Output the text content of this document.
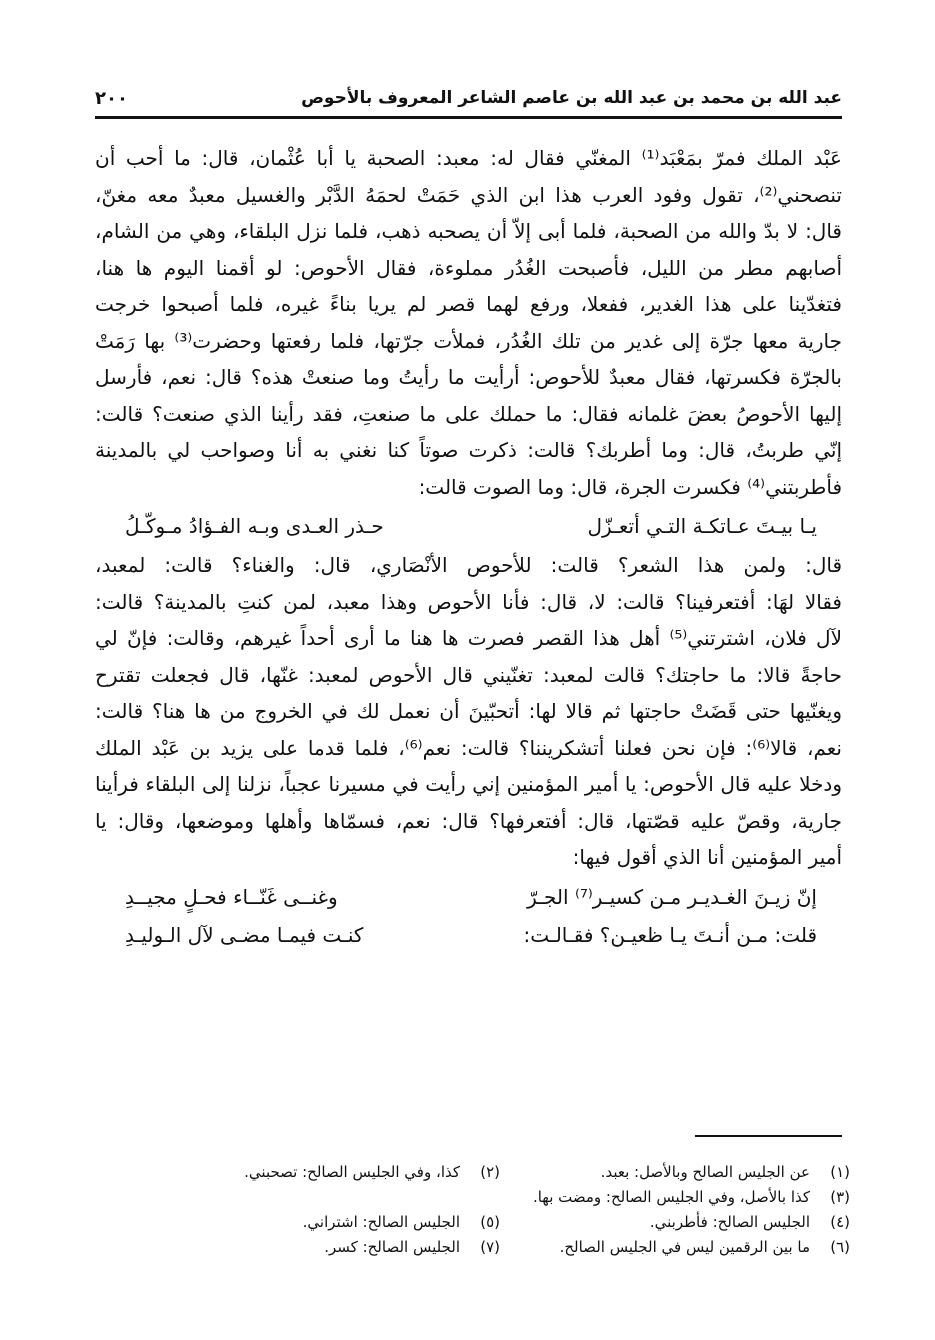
عبد الله بن محمد بن عبد الله بن عاصم الشاعر المعروف بالأحوص
٢٠٠
عَبْد الملك فمرّ بمَعْبَد⁽¹⁾ المغنّي فقال له: معبد: الصحبة يا أبا عُثْمان، قال: ما أحب أن
تنصحني⁽²⁾، تقول وفود العرب هذا ابن الذي حَمَتْ لحمَهُ الدَّبْر والغسيل معبدٌ معه مغنّ،
قال: لا بدّ والله من الصحبة، فلما أبى إلاّ أن يصحبه ذهب، فلما نزل البلقاء، وهي من الشام،
أصابهم مطر من الليل، فأصبحت الغُدُر مملوءة، فقال الأحوص: لو أقمنا اليوم ها هنا،
فتغدّينا على هذا الغدير، ففعلا، ورفع لهما قصر لم يريا بناءً غيره، فلما أصبحوا خرجت
جارية معها جرّة إلى غدير من تلك الغُدُر، فملأت جرّتها، فلما رفعتها وحضرت⁽³⁾ بها رَمَتْ
بالجرّة فكسرتها، فقال معبدٌ للأحوص: أرأيت ما رأيتُ وما صنعتْ هذه؟ قال: نعم، فأرسل
إليها الأحوصُ بعضَ غلمانه فقال: ما حملك على ما صنعتِ، فقد رأينا الذي صنعت؟ قالت:
إنّي طربتُ، قال: وما أطربك؟ قالت: ذكرت صوتاً كنا نغني به أنا وصواحب لي بالمدينة
فأطربتني⁽⁴⁾ فكسرت الجرة، قال: وما الصوت قالت:
يـا بيـتَ عـاتكـة التـي أتعـزّل
حـذر العـدى وبـه الفـؤادُ مـوكّـلُ
قال: ولمن هذا الشعر؟ قالت: للأحوص الأنْصَاري، قال: والغناء؟ قالت: لمعبد،
فقالا لهَا: أفتعرفينا؟ قالت: لا، قال: فأنا الأحوص وهذا معبد، لمن كنتِ بالمدينة؟ قالت:
لآل فلان، اشترتني⁽⁵⁾ أهل هذا القصر فصرت ها هنا ما أرى أحداً غيرهم، وقالت: فإنّ لي
حاجةً قالا: ما حاجتك؟ قالت لمعبد: تغنّيني قال الأحوص لمعبد: غنّها، قال فجعلت تقترح
ويغنّيها حتى قَضَتْ حاجتها ثم قالا لها: أتحبّينَ أن نعمل لك في الخروج من ها هنا؟ قالت:
نعم، قالا⁽⁶⁾: فإن نحن فعلنا أتشكريننا؟ قالت: نعم⁽⁶⁾، فلما قدما على يزيد بن عَبْد الملك
ودخلا عليه قال الأحوص: يا أمير المؤمنين إني رأيت في مسيرنا عجباً، نزلنا إلى البلقاء فرأينا
جارية، وقصّ عليه قصّتها، قال: أفتعرفها؟ قال: نعم، فسمّاها وأهلها وموضعها، وقال: يا
أمير المؤمنين أنا الذي أقول فيها:
إنّ زيـنَ الغـديـر مـن كسيـر⁽⁷⁾ الجـرّ
وغنــى غَنّــاء فحـلٍ مجيــدِ
قلت: مـن أنـتَ يـا ظعيـن؟ فقـالـت:
كنـت فيمـا مضـى لآل الـوليـدِ
(١)
عن الجليس الصالح وبالأصل: بعبد.
(٢)
كذا، وفي الجليس الصالح: تصحبني.
(٣)
كذا بالأصل، وفي الجليس الصالح: ومضت بها.
(٤)
الجليس الصالح: فأطربني.
(٥)
الجليس الصالح: اشتراني.
(٦)
ما بين الرقمين ليس في الجليس الصالح.
(٧)
الجليس الصالح: كسر.
